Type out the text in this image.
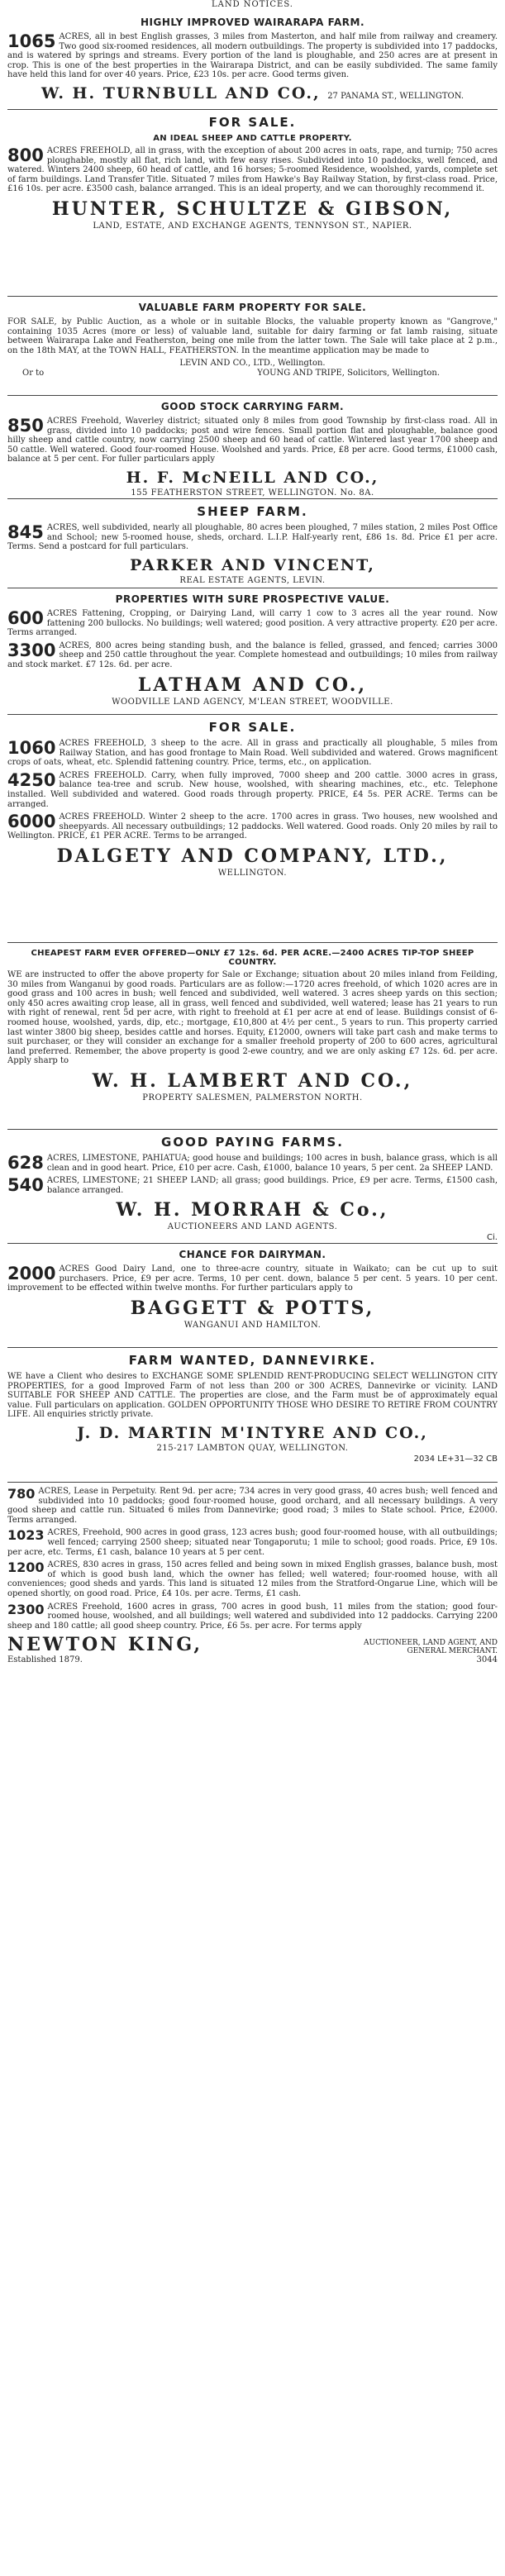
LAND NOTICES.
HIGHLY IMPROVED WAIRARAPA FARM.

1065 ACRES, all in best English grasses, 3 miles from Masterton, and half mile from railway and creamery. Two good six-roomed residences, all modern outbuildings. The property is subdivided into 17 paddocks, and is watered by springs and streams. Every portion of the land is ploughable, and 250 acres are at present in crop. This is one of the best properties in the Wairarapa District, and can be easily subdivided. The same family have held this land for over 40 years. Price, £23 10s. per acre. Good terms given.

W. H. TURNBULL AND CO., 27 PANAMA ST., WELLINGTON.
FOR SALE.
AN IDEAL SHEEP AND CATTLE PROPERTY.

800 ACRES FREEHOLD, all in grass, with the exception of about 200 acres in oats, rape, and turnip; 750 acres ploughable, mostly all flat, rich land, with few easy rises. Subdivided into 10 paddocks, well fenced, and watered. Winters 2400 sheep, 60 head of cattle, and 16 horses; 5-roomed Residence, woolshed, yards, complete set of farm buildings. Land Transfer Title. Situated 7 miles from Hawke's Bay Railway Station, by first-class road. Price, £16 10s. per acre. £3500 cash, balance arranged. This is an ideal property, and we can thoroughly recommend it.

HUNTER, SCHULTZE & GIBSON,
LAND, ESTATE, AND EXCHANGE AGENTS, TENNYSON ST., NAPIER.
VALUABLE FARM PROPERTY FOR SALE.

FOR SALE, by Public Auction, as a whole or in suitable Blocks, the valuable property known as "Gangrove," containing 1035 Acres (more or less) of valuable land, suitable for dairy farming or fat lamb raising, situate between Wairarapa Lake and Featherston, being one mile from the latter town. The Sale will take place at 2 p.m., on the 18th MAY, at the TOWN HALL, FEATHERSTON. In the meantime application may be made to

LEVIN AND CO., LTD., Wellington.
Or to	YOUNG AND TRIPE, Solicitors, Wellington.
GOOD STOCK CARRYING FARM.

850 ACRES Freehold, Waverley district; situated only 8 miles from good Township by first-class road. All in grass, divided into 10 paddocks; post and wire fences. Small portion flat and ploughable, balance good hilly sheep and cattle country, now carrying 2500 sheep and 60 head of cattle. Wintered last year 1700 sheep and 50 cattle. Well watered. Good four-roomed House. Woolshed and yards. Price, £8 per acre. Good terms, £1000 cash, balance at 5 per cent. For fuller particulars apply

H. F. McNEILL AND CO.,
155 FEATHERSTON STREET, WELLINGTON. No. 8A.
SHEEP FARM.

845 ACRES, well subdivided, nearly all ploughable, 80 acres been ploughed, 7 miles station, 2 miles Post Office and School; new 5-roomed house, sheds, orchard. L.I.P. Half-yearly rent, £86 1s. 8d. Price £1 per acre. Terms. Send a postcard for full particulars.

PARKER AND VINCENT,
REAL ESTATE AGENTS, LEVIN.
PROPERTIES WITH SURE PROSPECTIVE VALUE.

600 ACRES Fattening, Cropping, or Dairying Land, will carry 1 cow to 3 acres all the year round. Now fattening 200 bullocks. No buildings; well watered; good position. A very attractive property. £20 per acre. Terms arranged.

3300 ACRES, 800 acres being standing bush, and the balance is felled, grassed, and fenced; carries 3000 sheep and 250 cattle throughout the year. Complete homestead and outbuildings; 10 miles from railway and stock market. £7 12s. 6d. per acre.

LATHAM AND CO.,
WOODVILLE LAND AGENCY, M'LEAN STREET, WOODVILLE.
FOR SALE.

1060 ACRES FREEHOLD, 3 sheep to the acre. All in grass and practically all ploughable, 5 miles from Railway Station, and has good frontage to Main Road. Well subdivided and watered. Grows magnificent crops of oats, wheat, etc. Splendid fattening country. Price, terms, etc., on application.

4250 ACRES FREEHOLD. Carry, when fully improved, 7000 sheep and 200 cattle. 3000 acres in grass, balance tea-tree and scrub. New house, woolshed, with shearing machines, etc., etc. Telephone installed. Well subdivided and watered. Good roads through property. PRICE, £4 5s. PER ACRE. Terms can be arranged.

6000 ACRES FREEHOLD. Winter 2 sheep to the acre. 1700 acres in grass. Two houses, new woolshed and sheepyards. All necessary outbuildings; 12 paddocks. Well watered. Good roads. Only 20 miles by rail to Wellington. PRICE, £1 PER ACRE. Terms to be arranged.

DALGETY AND COMPANY, LTD.,
WELLINGTON.
CHEAPEST FARM EVER OFFERED—ONLY £7 12s. 6d. PER ACRE.—2400 ACRES TIP-TOP SHEEP COUNTRY.

WE are instructed to offer the above property for Sale or Exchange; situation about 20 miles inland from Feilding, 30 miles from Wanganui by good roads. Particulars are as follow:—1720 acres freehold, of which 1020 acres are in good grass and 100 acres in bush; well fenced and subdivided, well watered. 3 acres sheep yards on this section; only 450 acres awaiting crop lease, all in grass, well fenced and subdivided, well watered; lease has 21 years to run with right of renewal, rent 5d per acre, with right to freehold at £1 per acre at end of lease. Buildings consist of 6-roomed house, woolshed, yards, dip, etc.; mortgage, £10,800 at 4½ per cent., 5 years to run. This property carried last winter 3800 big sheep, besides cattle and horses. Equity, £12000, owners will take part cash and make terms to suit purchaser, or they will consider an exchange for a smaller freehold property of 200 to 600 acres, agricultural land preferred. Remember, the above property is good 2-ewe country, and we are only asking £7 12s. 6d. per acre. Apply sharp to

W. H. LAMBERT AND CO.,
PROPERTY SALESMEN, PALMERSTON NORTH.
GOOD PAYING FARMS.

628 ACRES, LIMESTONE, PAHIATUA; good house and buildings; 100 acres in bush, balance grass, which is all clean and in good heart. Price, £10 per acre. Cash, £1000, balance 10 years, 5 per cent. 2a SHEEP LAND.

540 ACRES, LIMESTONE; 21 SHEEP LAND; all grass; good buildings. Price, £9 per acre. Terms, £1500 cash, balance arranged.

W. H. MORRAH & Co.,
AUCTIONEERS AND LAND AGENTS.
Ci.
CHANCE FOR DAIRYMAN.

2000 ACRES Good Dairy Land, one to three-acre country, situate in Waikato; can be cut up to suit purchasers. Price, £9 per acre. Terms, 10 per cent. down, balance 5 per cent. 5 years. 10 per cent. improvement to be effected within twelve months. For further particulars apply to

BAGGETT & POTTS,
WANGANUI AND HAMILTON.
FARM WANTED, DANNEVIRKE.

WE have a Client who desires to EXCHANGE SOME SPLENDID RENT-PRODUCING SELECT WELLINGTON CITY PROPERTIES, for a good Improved Farm of not less than 200 or 300 ACRES, Dannevirke or vicinity. LAND SUITABLE FOR SHEEP AND CATTLE. The properties are close, and the Farm must be of approximately equal value. Full particulars on application. GOLDEN OPPORTUNITY THOSE WHO DESIRE TO RETIRE FROM COUNTRY LIFE. All enquiries strictly private.

J. D. MARTIN M'INTYRE AND CO.,
215-217 LAMBTON QUAY, WELLINGTON.
2034 LE+31—32 CB

780 ACRES, Lease in Perpetuity. Rent 9d. per acre; 734 acres in very good grass, 40 acres bush; well fenced and subdivided into 10 paddocks; good four-roomed house, good orchard, and all necessary buildings. A very good sheep and cattle run. Situated 6 miles from Dannevirke; good road; 3 miles to State school. Price, £2000. Terms arranged.

1023 ACRES, Freehold, 900 acres in good grass, 123 acres bush; good four-roomed house, with all outbuildings; well fenced; carrying 2500 sheep; situated near Tongaporutu; 1 mile to school; good roads. Price, £9 10s. per acre, etc. Terms, £1 cash, balance 10 years at 5 per cent.

1200 ACRES, 830 acres in grass, 150 acres felled and being sown in mixed English grasses, balance bush, most of which is good bush land, which the owner has felled; well watered; four-roomed house, with all conveniences; good sheds and yards. This land is situated 12 miles from the Stratford-Ongarue Line, which will be opened shortly, on good road. Price, £4 10s. per acre. Terms, £1 cash.

2300 ACRES Freehold, 1600 acres in grass, 700 acres in good bush, 11 miles from the station; good four-roomed house, woolshed, and all buildings; well watered and subdivided into 12 paddocks. Carrying 2200 sheep and 180 cattle; all good sheep country. Price, £6 5s. per acre. For terms apply

NEWTON KING,	AUCTIONEER, LAND AGENT, AND GENERAL MERCHANT.
Established 1879.	3044
